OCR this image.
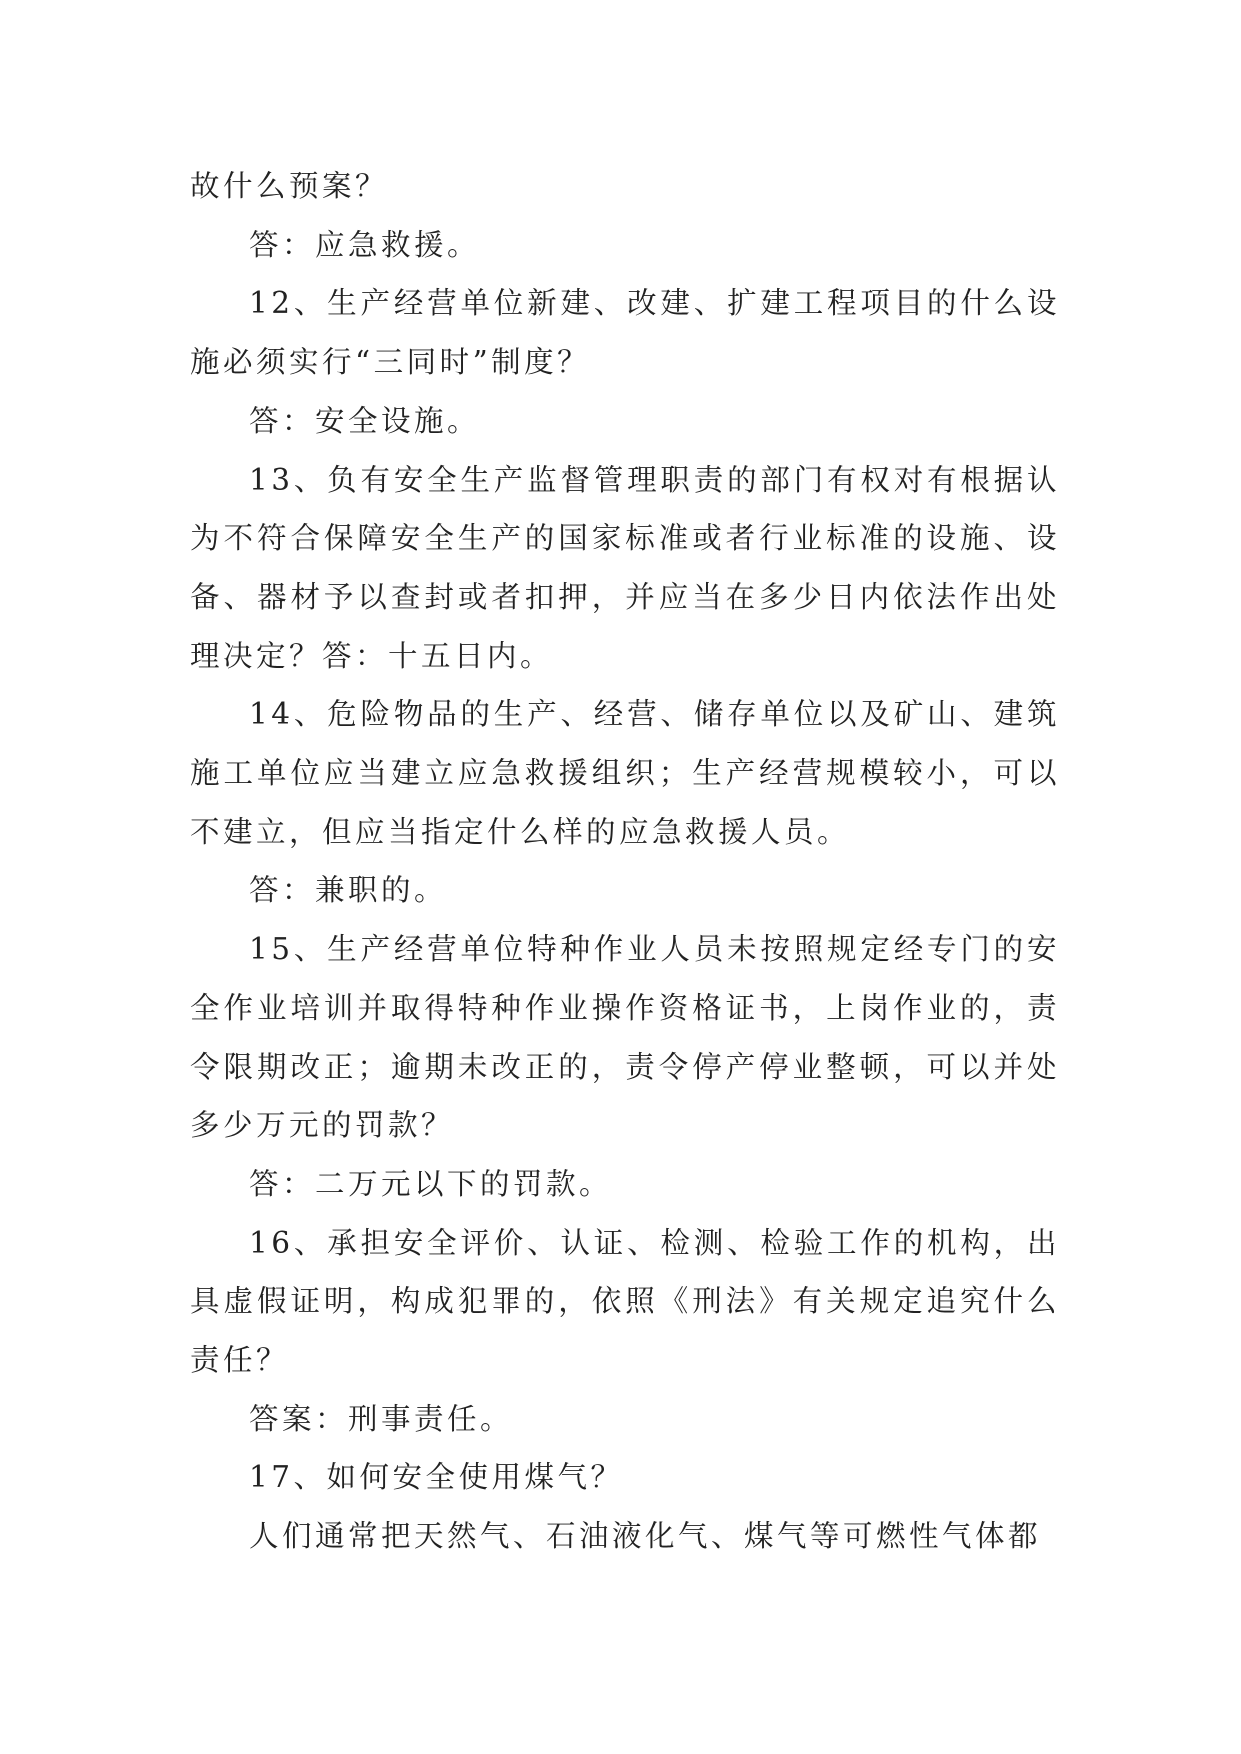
故什么预案？

答：应急救援。

12、生产经营单位新建、改建、扩建工程项目的什么设施必须实行“三同时”制度？

答：安全设施。

13、负有安全生产监督管理职责的部门有权对有根据认为不符合保障安全生产的国家标准或者行业标准的设施、设备、器材予以查封或者扣押，并应当在多少日内依法作出处理决定？答：十五日内。

14、危险物品的生产、经营、储存单位以及矿山、建筑施工单位应当建立应急救援组织；生产经营规模较小，可以不建立，但应当指定什么样的应急救援人员。

答：兼职的。

15、生产经营单位特种作业人员未按照规定经专门的安全作业培训并取得特种作业操作资格证书，上岗作业的，责令限期改正；逾期未改正的，责令停产停业整顿，可以并处多少万元的罚款？

答：二万元以下的罚款。

16、承担安全评价、认证、检测、检验工作的机构，出具虚假证明，构成犯罪的，依照《刑法》有关规定追究什么责任？

答案：刑事责任。

17、如何安全使用煤气？

人们通常把天然气、石油液化气、煤气等可燃性气体都
